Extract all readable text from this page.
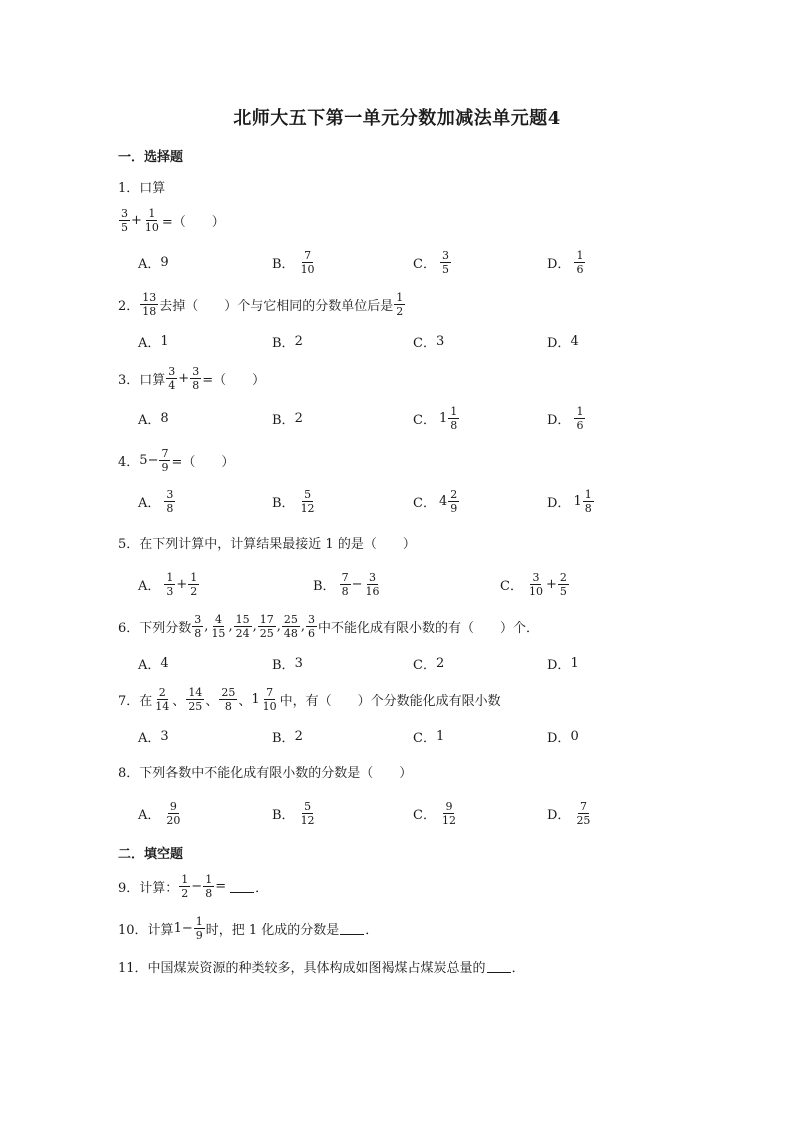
北师大五下第一单元分数加减法单元题4
一．选择题
1． 口算
$\frac{3}{5} + \frac{1}{10}$ =（　　）
A． 9	B． $\frac{7}{10}$	C． $\frac{3}{5}$	D． $\frac{1}{6}$
2． $\frac{13}{18}$ 去掉（　　）个与它相同的分数单位后是 $\frac{1}{2}$
A． 1	B． 2	C． 3	D． 4
3． 口算 $\frac{3}{4} + \frac{3}{8}$ =（　　）
A． 8	B． 2	C． $1 \frac{1}{8}$	D． $\frac{1}{6}$
4． $5 - \frac{7}{9}$ =（　　）
A． $\frac{3}{8}$	B． $\frac{5}{12}$	C． $4 \frac{2}{9}$	D． $1 \frac{1}{8}$
5． 在下列计算中，计算结果最接近 1 的是（　　）
A． $\frac{1}{3} + \frac{1}{2}$	B． $\frac{7}{8} - \frac{3}{16}$	C． $\frac{3}{10} + \frac{2}{5}$
6． 下列分数 $\frac{3}{8}$ , $\frac{4}{15}$ , $\frac{15}{24}$ , $\frac{17}{25}$ , $\frac{25}{48}$ , $\frac{3}{6}$ 中不能化成有限小数的有（　　）个．
A． 4	B． 3	C． 2	D． 1
7． 在 $\frac{2}{14}$ 、 $\frac{14}{25}$ 、 $\frac{25}{8}$ 、 $1 \frac{7}{10}$ 中，有（　　）个分数能化成有限小数
A． 3	B． 2	C． 1	D． 0
8． 下列各数中不能化成有限小数的分数是（　　）
A． $\frac{9}{20}$	B． $\frac{5}{12}$	C． $\frac{9}{12}$	D． $\frac{7}{25}$
二．填空题
9． 计算： $\frac{1}{2} - \frac{1}{8}$ = ．
10． 计算 $1 - \frac{1}{9}$ 时，把 1 化成的分数是 ．
11． 中国煤炭资源的种类较多，具体构成如图褐煤占煤炭总量的 ．
